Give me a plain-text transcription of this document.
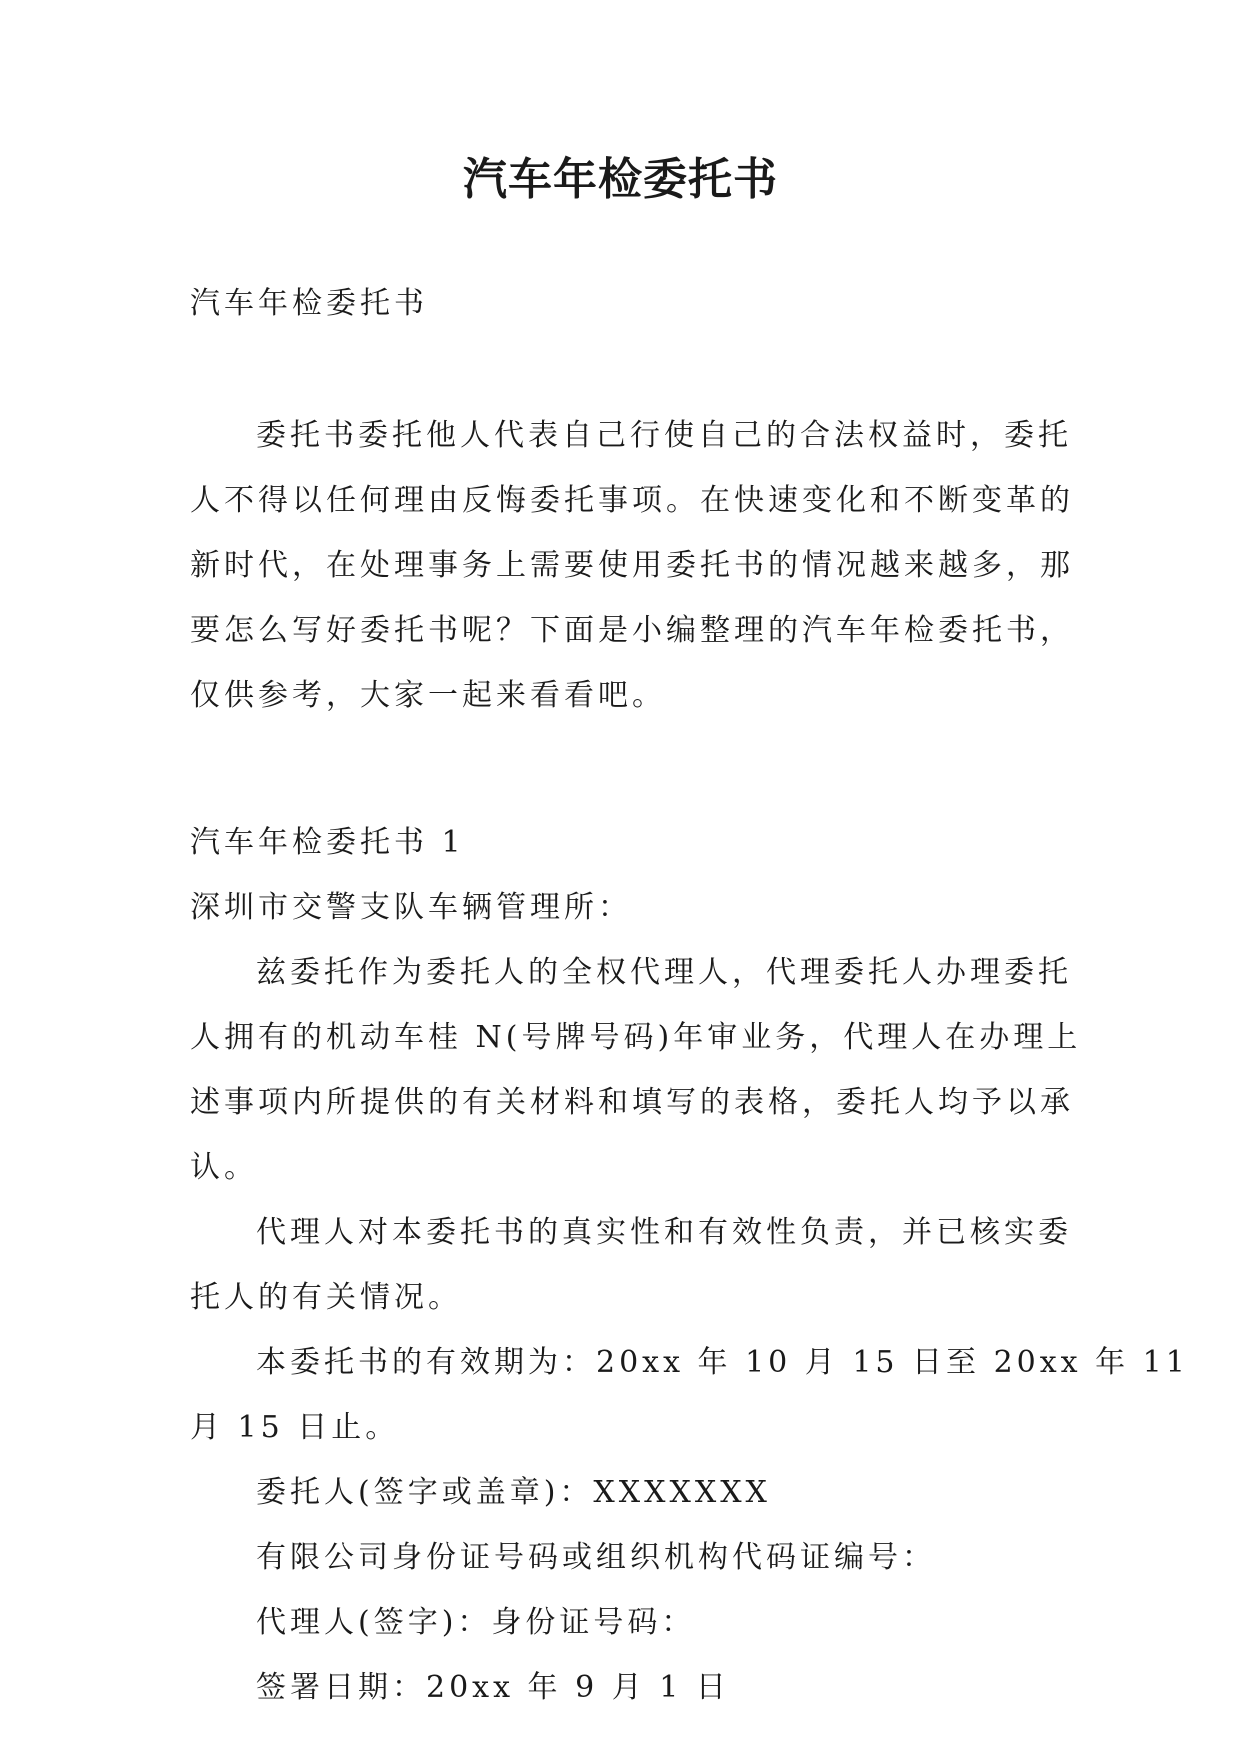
汽车年检委托书
汽车年检委托书
委托书委托他人代表自己行使自己的合法权益时，委托
人不得以任何理由反悔委托事项。在快速变化和不断变革的
新时代，在处理事务上需要使用委托书的情况越来越多，那
要怎么写好委托书呢？下面是小编整理的汽车年检委托书，
仅供参考，大家一起来看看吧。
汽车年检委托书 1
深圳市交警支队车辆管理所：
兹委托作为委托人的全权代理人，代理委托人办理委托
人拥有的机动车桂 N(号牌号码)年审业务，代理人在办理上
述事项内所提供的有关材料和填写的表格，委托人均予以承
认。
代理人对本委托书的真实性和有效性负责，并已核实委
托人的有关情况。
本委托书的有效期为：20xx 年 10 月 15 日至 20xx 年 11
月 15 日止。
委托人(签字或盖章)：XXXXXXX
有限公司身份证号码或组织机构代码证编号：
代理人(签字)：身份证号码：
签署日期：20xx 年 9 月 1 日
